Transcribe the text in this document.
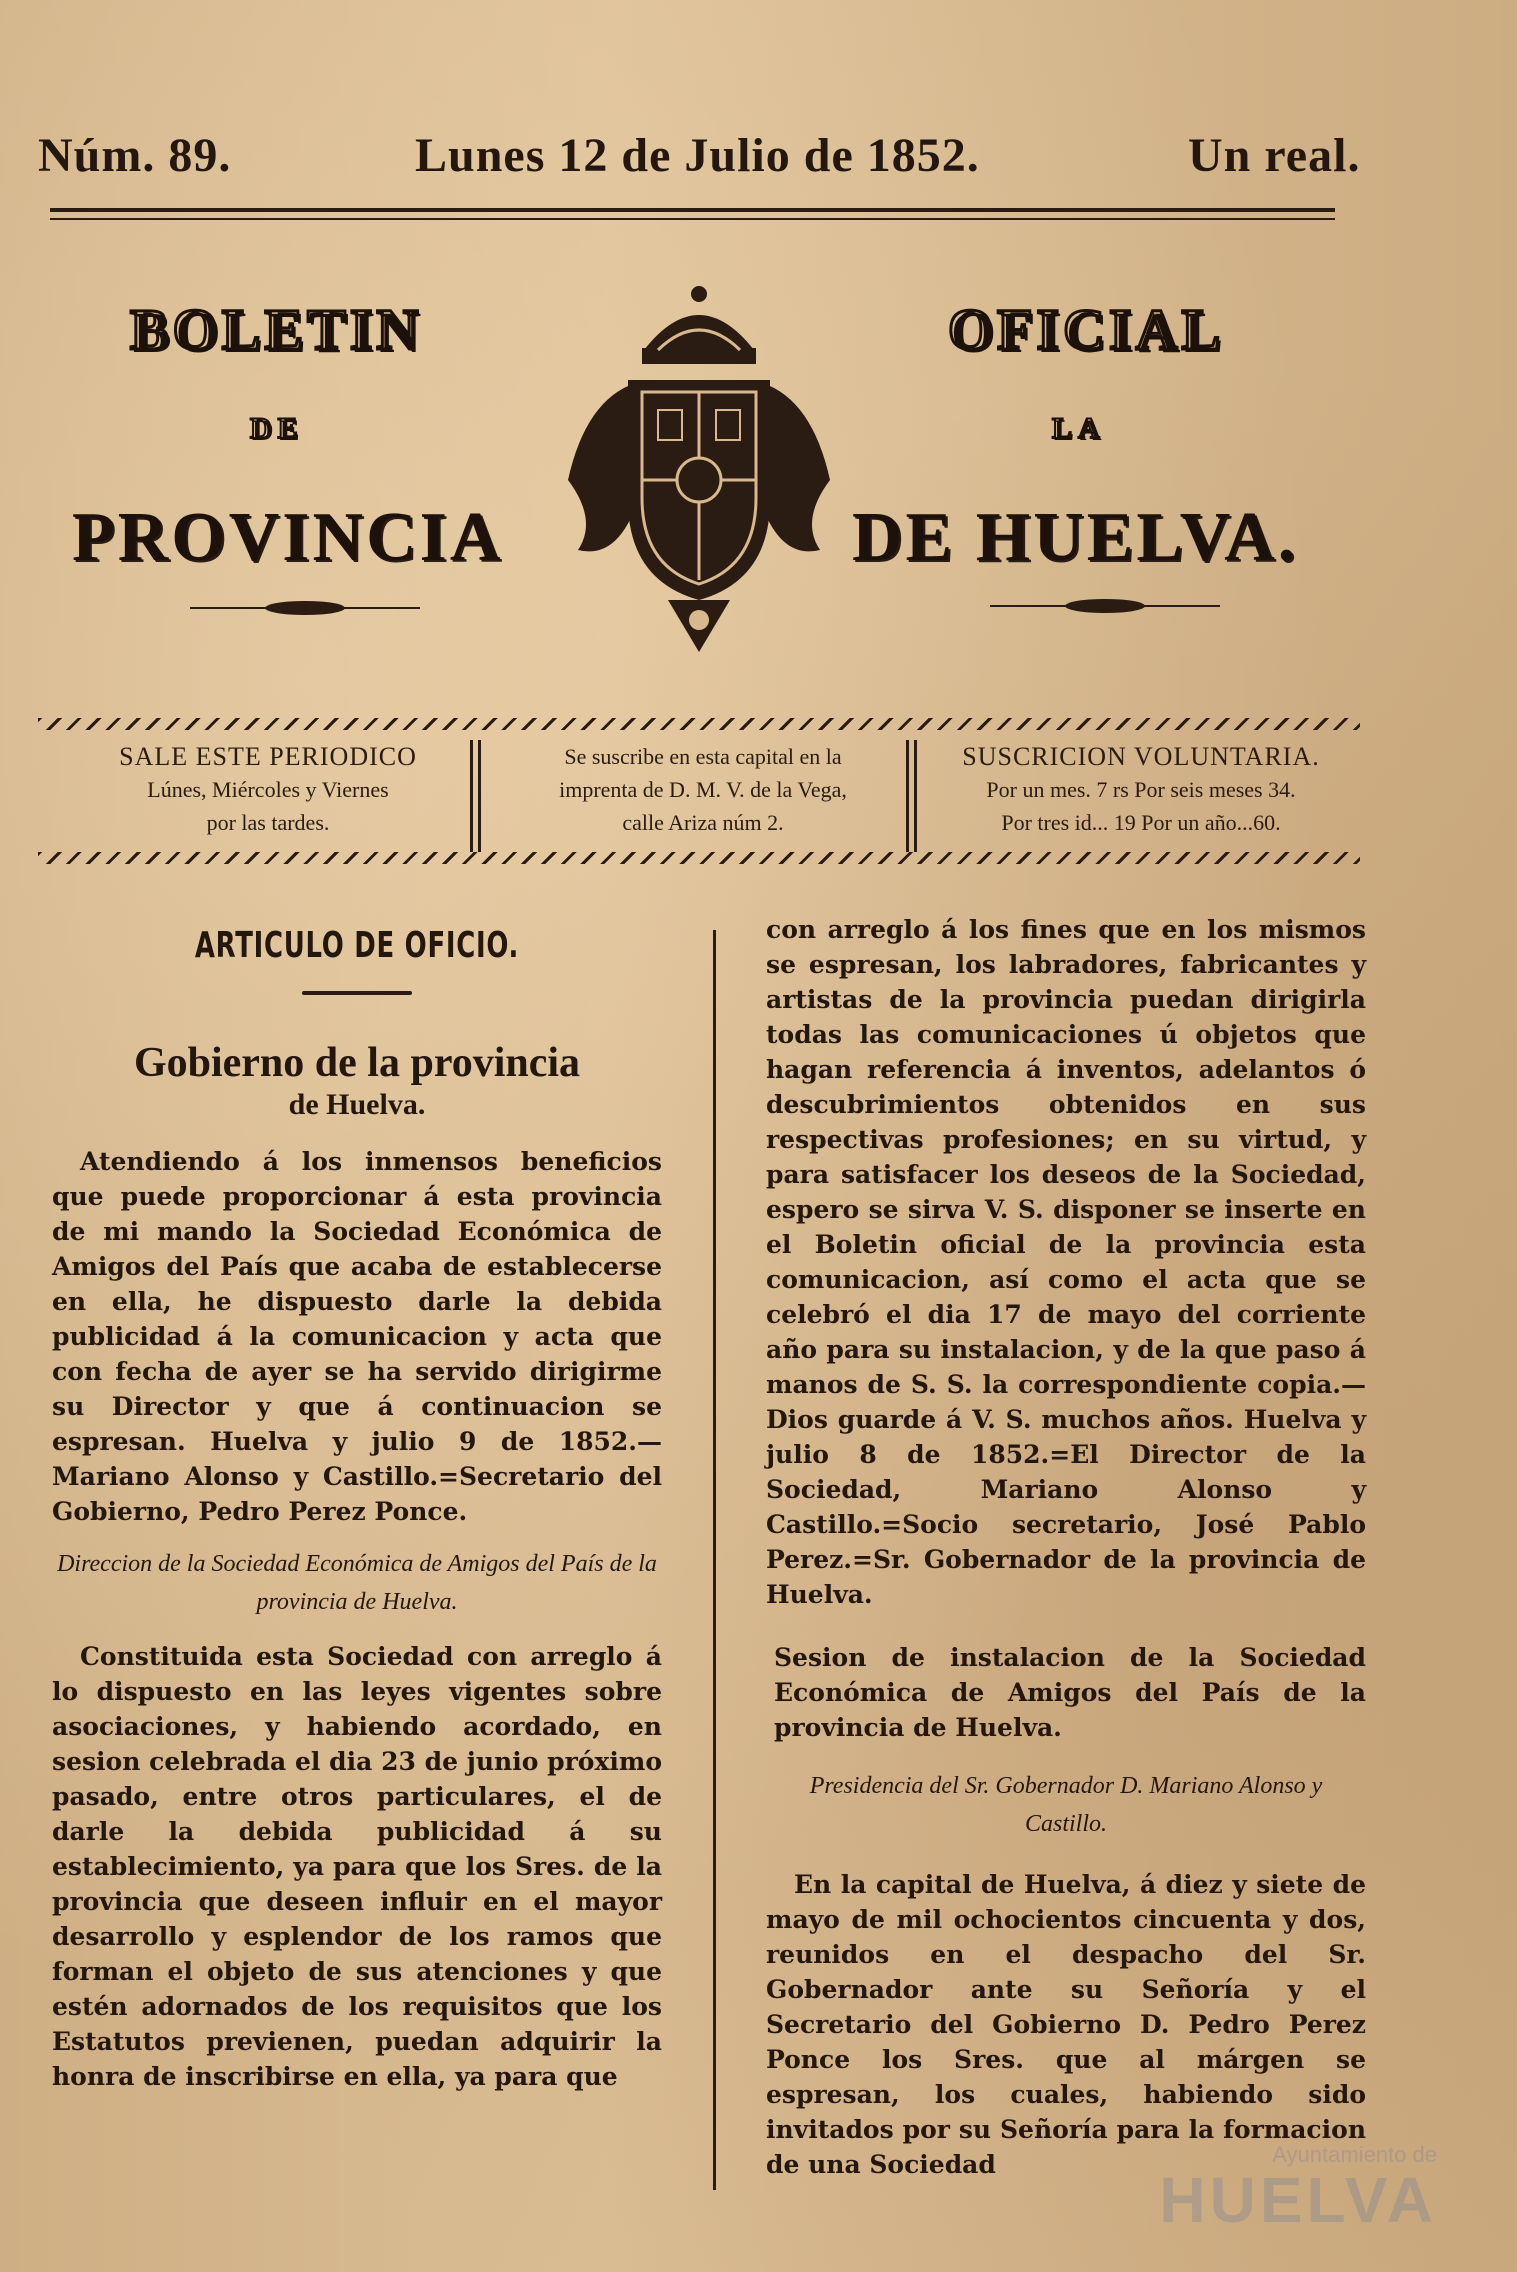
Núm. 89.	Lunes 12 de Julio de 1852.	Un real.
BOLETIN	OFICIAL
DE	LA
PROVINCIA	DE HUELVA.
SALE ESTE PERIODICO
Lúnes, Miércoles y Viernes
por las tardes.
Se suscribe en esta capital en la
imprenta de D. M. V. de la Vega,
calle Ariza núm 2.
SUSCRICION VOLUNTARIA.
Por un mes. 7 rs Por seis meses 34.
Por tres id... 19 Por un año...60.
ARTICULO DE OFICIO.
Gobierno de la provincia
de Huelva.

Atendiendo á los inmensos beneficios que puede proporcionar á esta provincia de mi mando la Sociedad Económica de Amigos del País que acaba de establecerse en ella, he dispuesto darle la debida publicidad á la comunicacion y acta que con fecha de ayer se ha servido dirigirme su Director y que á continuacion se espresan. Huelva y julio 9 de 1852.—Mariano Alonso y Castillo.=Secretario del Gobierno, Pedro Perez Ponce.

Direccion de la Sociedad Económica de Amigos del País de la provincia de Huelva.

Constituida esta Sociedad con arreglo á lo dispuesto en las leyes vigentes sobre asociaciones, y habiendo acordado, en sesion celebrada el dia 23 de junio próximo pasado, entre otros particulares, el de darle la debida publicidad á su establecimiento, ya para que los Sres. de la provincia que deseen influir en el mayor desarrollo y esplendor de los ramos que forman el objeto de sus atenciones y que estén adornados de los requisitos que los Estatutos previenen, puedan adquirir la honra de inscribirse en ella, ya para que

con arreglo á los fines que en los mismos se espresan, los labradores, fabricantes y artistas de la provincia puedan dirigirla todas las comunicaciones ú objetos que hagan referencia á inventos, adelantos ó descubrimientos obtenidos en sus respectivas profesiones; en su virtud, y para satisfacer los deseos de la Sociedad, espero se sirva V. S. disponer se inserte en el Boletin oficial de la provincia esta comunicacion, así como el acta que se celebró el dia 17 de mayo del corriente año para su instalacion, y de la que paso á manos de S. S. la correspondiente copia.—Dios guarde á V. S. muchos años. Huelva y julio 8 de 1852.=El Director de la Sociedad, Mariano Alonso y Castillo.=Socio secretario, José Pablo Perez.=Sr. Gobernador de la provincia de Huelva.

Sesion de instalacion de la Sociedad Económica de Amigos del País de la provincia de Huelva.

Presidencia del Sr. Gobernador D. Mariano Alonso y Castillo.

En la capital de Huelva, á diez y siete de mayo de mil ochocientos cincuenta y dos, reunidos en el despacho del Sr. Gobernador ante su Señoría y el Secretario del Gobierno D. Pedro Perez Ponce los Sres. que al márgen se espresan, los cuales, habiendo sido invitados por su Señoría para la formacion de una Sociedad	Ayuntamiento de
HUELVA
